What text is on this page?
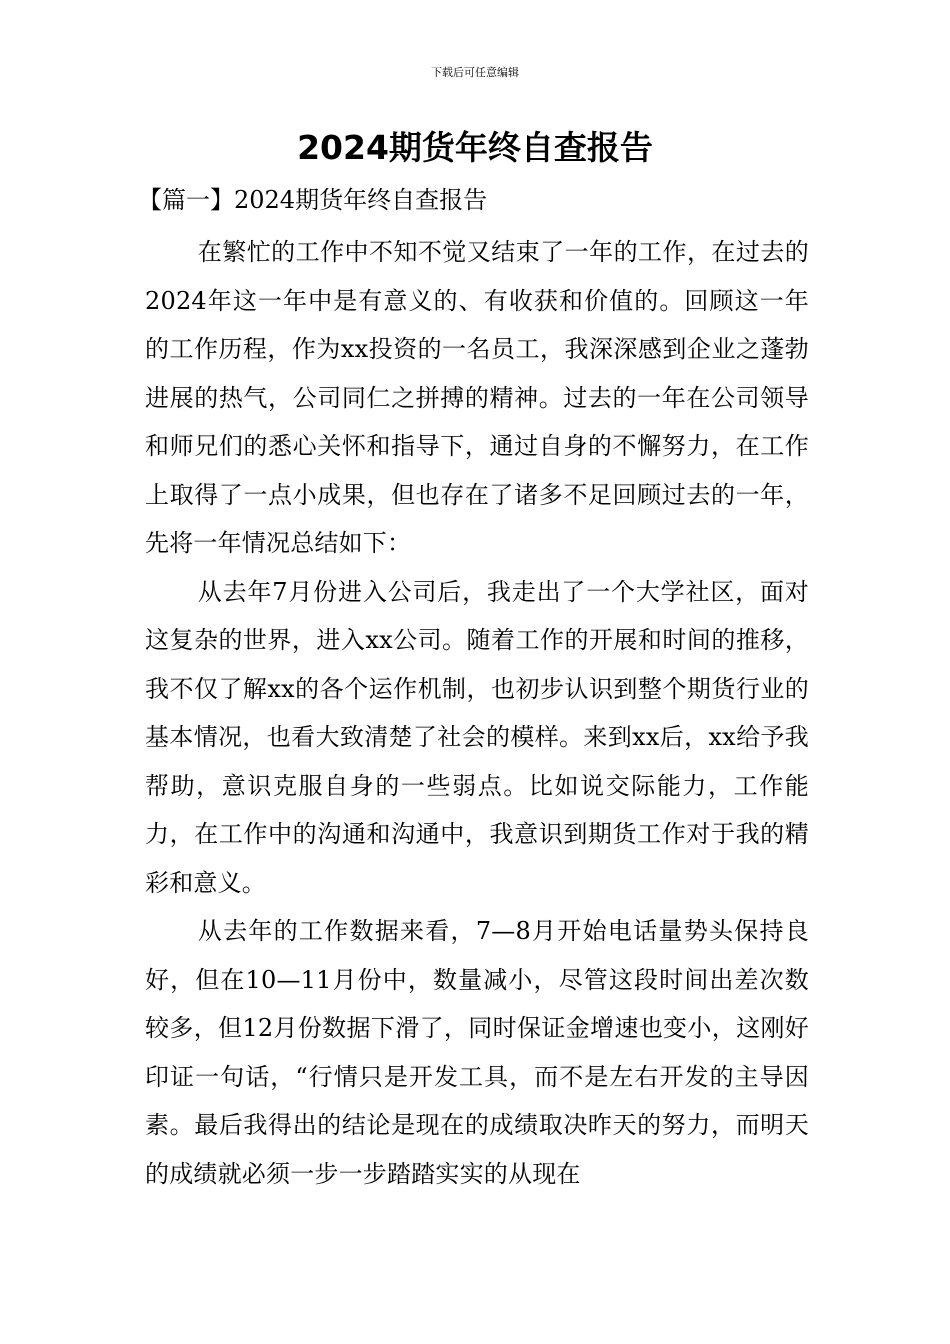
下载后可任意编辑
2024期货年终自查报告
【篇一】2024期货年终自查报告

在繁忙的工作中不知不觉又结束了一年的工作，在过去的2024年这一年中是有意义的、有收获和价值的。回顾这一年的工作历程，作为xx投资的一名员工，我深深感到企业之蓬勃进展的热气，公司同仁之拼搏的精神。过去的一年在公司领导和师兄们的悉心关怀和指导下，通过自身的不懈努力，在工作上取得了一点小成果，但也存在了诸多不足回顾过去的一年，先将一年情况总结如下：

从去年7月份进入公司后，我走出了一个大学社区，面对这复杂的世界，进入xx公司。随着工作的开展和时间的推移，我不仅了解xx的各个运作机制，也初步认识到整个期货行业的基本情况，也看大致清楚了社会的模样。来到xx后，xx给予我帮助，意识克服自身的一些弱点。比如说交际能力，工作能力，在工作中的沟通和沟通中，我意识到期货工作对于我的精彩和意义。

从去年的工作数据来看，7—8月开始电话量势头保持良好，但在10—11月份中，数量减小，尽管这段时间出差次数较多，但12月份数据下滑了，同时保证金增速也变小，这刚好印证一句话，“行情只是开发工具，而不是左右开发的主导因素。最后我得出的结论是现在的成绩取决昨天的努力，而明天的成绩就必须一步一步踏踏实实的从现在
